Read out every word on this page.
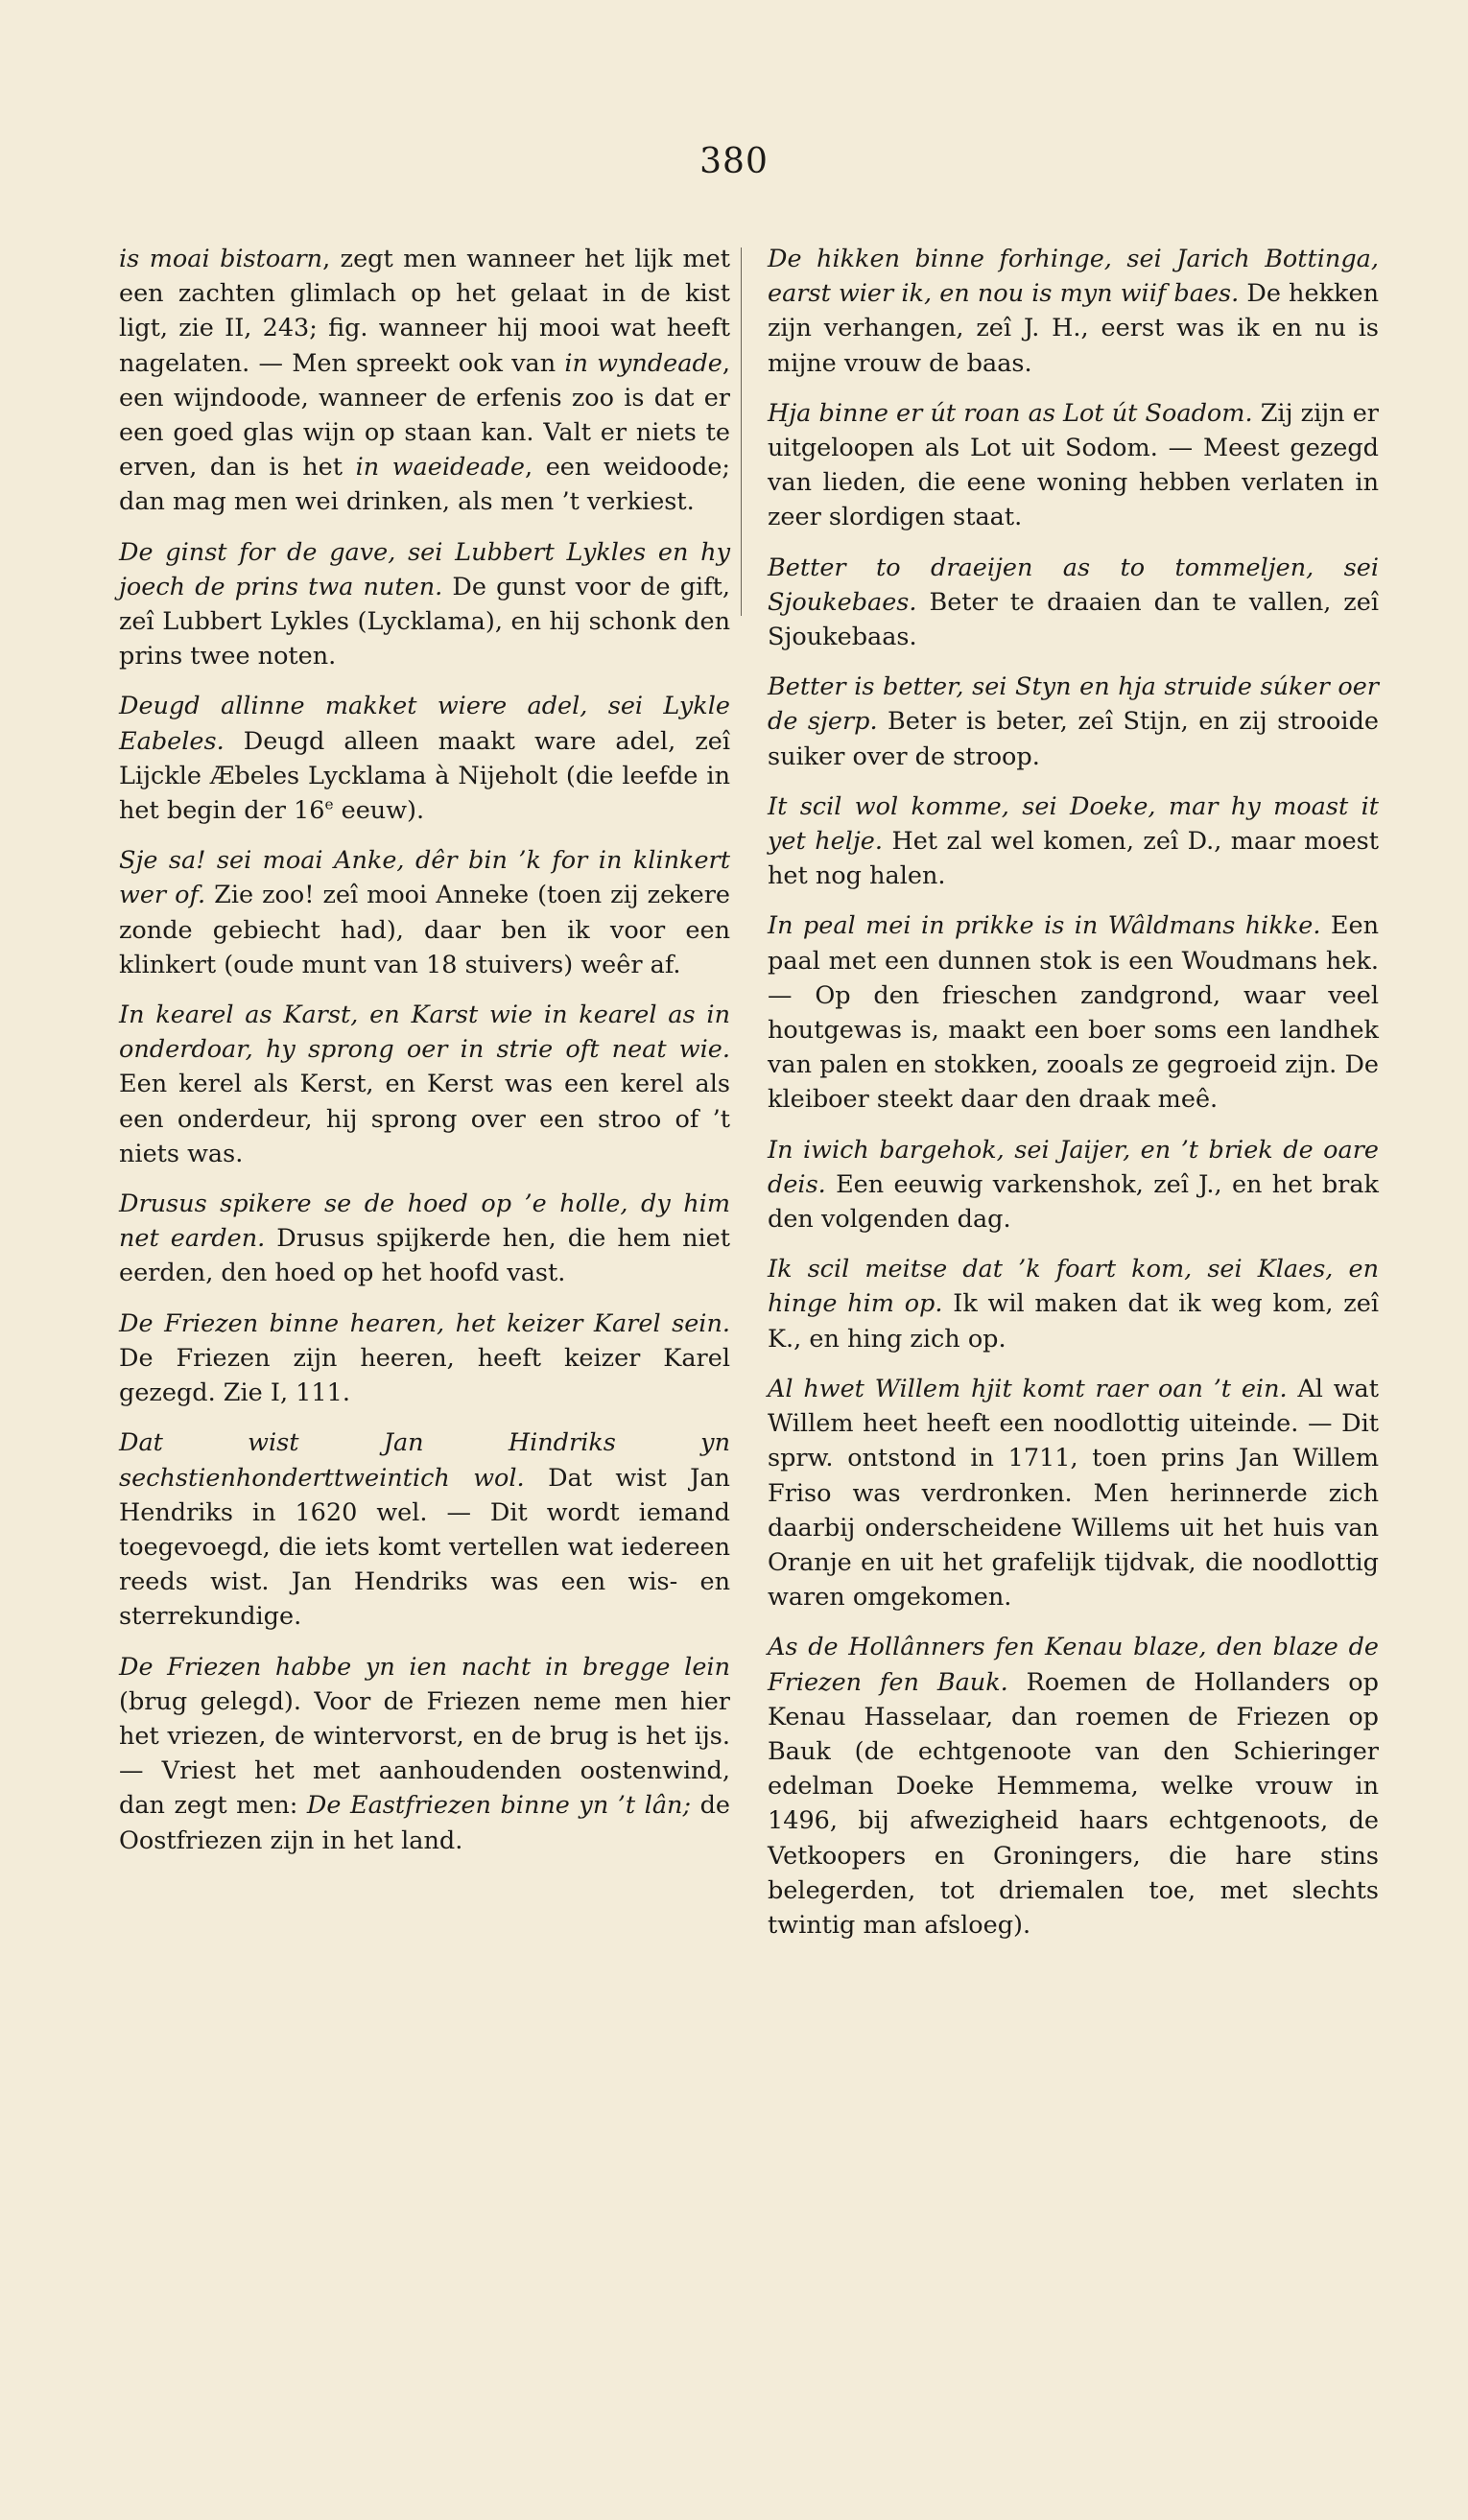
380

is moai bistoarn, zegt men wanneer het lijk met een zachten glimlach op het gelaat in de kist ligt, zie II, 243; fig. wanneer hij mooi wat heeft nagelaten. — Men spreekt ook van in wyndeade, een wijndoode, wanneer de erfenis zoo is dat er een goed glas wijn op staan kan. Valt er niets te erven, dan is het in waeideade, een weidoode; dan mag men wei drinken, als men ’t verkiest.

De ginst for de gave, sei Lubbert Lykles en hy joech de prins twa nuten. De gunst voor de gift, zeî Lubbert Lykles (Lycklama), en hij schonk den prins twee noten.

Deugd allinne makket wiere adel, sei Lykle Eabeles. Deugd alleen maakt ware adel, zeî Lijckle Æbeles Lycklama à Nijeholt (die leefde in het begin der 16e eeuw).

Sje sa! sei moai Anke, dêr bin ’k for in klinkert wer of. Zie zoo! zeî mooi Anneke (toen zij zekere zonde gebiecht had), daar ben ik voor een klinkert (oude munt van 18 stuivers) weêr af.

In kearel as Karst, en Karst wie in kearel as in onderdoar, hy sprong oer in strie oft neat wie. Een kerel als Kerst, en Kerst was een kerel als een onderdeur, hij sprong over een stroo of ’t niets was.

Drusus spikere se de hoed op ’e holle, dy him net earden. Drusus spijkerde hen, die hem niet eerden, den hoed op het hoofd vast.

De Friezen binne hearen, het keizer Karel sein. De Friezen zijn heeren, heeft keizer Karel gezegd. Zie I, 111.

Dat wist Jan Hindriks yn sechstienhonderttweintich wol. Dat wist Jan Hendriks in 1620 wel. — Dit wordt iemand toegevoegd, die iets komt vertellen wat iedereen reeds wist. Jan Hendriks was een wis- en sterrekundige.

De Friezen habbe yn ien nacht in bregge lein (brug gelegd). Voor de Friezen neme men hier het vriezen, de wintervorst, en de brug is het ijs. — Vriest het met aanhoudenden oostenwind, dan zegt men: De Eastfriezen binne yn ’t lân; de Oostfriezen zijn in het land.

De hikken binne forhinge, sei Jarich Bottinga, earst wier ik, en nou is myn wiif baes. De hekken zijn verhangen, zeî J. H., eerst was ik en nu is mijne vrouw de baas.

Hja binne er út roan as Lot út Soadom. Zij zijn er uitgeloopen als Lot uit Sodom. — Meest gezegd van lieden, die eene woning hebben verlaten in zeer slordigen staat.

Better to draeijen as to tommeljen, sei Sjoukebaes. Beter te draaien dan te vallen, zeî Sjoukebaas.

Better is better, sei Styn en hja struide súker oer de sjerp. Beter is beter, zeî Stijn, en zij strooide suiker over de stroop.

It scil wol komme, sei Doeke, mar hy moast it yet helje. Het zal wel komen, zeî D., maar moest het nog halen.

In peal mei in prikke is in Wâldmans hikke. Een paal met een dunnen stok is een Woudmans hek. — Op den frieschen zandgrond, waar veel houtgewas is, maakt een boer soms een landhek van palen en stokken, zooals ze gegroeid zijn. De kleiboer steekt daar den draak meê.

In iwich bargehok, sei Jaijer, en ’t briek de oare deis. Een eeuwig varkenshok, zeî J., en het brak den volgenden dag.

Ik scil meitse dat ’k foart kom, sei Klaes, en hinge him op. Ik wil maken dat ik weg kom, zeî K., en hing zich op.

Al hwet Willem hjit komt raer oan ’t ein. Al wat Willem heet heeft een noodlottig uiteinde. — Dit sprw. ontstond in 1711, toen prins Jan Willem Friso was verdronken. Men herinnerde zich daarbij onderscheidene Willems uit het huis van Oranje en uit het grafelijk tijdvak, die noodlottig waren omgekomen.

As de Hollânners fen Kenau blaze, den blaze de Friezen fen Bauk. Roemen de Hollanders op Kenau Hasselaar, dan roemen de Friezen op Bauk (de echtgenoote van den Schieringer edelman Doeke Hemmema, welke vrouw in 1496, bij afwezigheid haars echtgenoots, de Vetkoopers en Groningers, die hare stins belegerden, tot driemalen toe, met slechts twintig man afsloeg).
